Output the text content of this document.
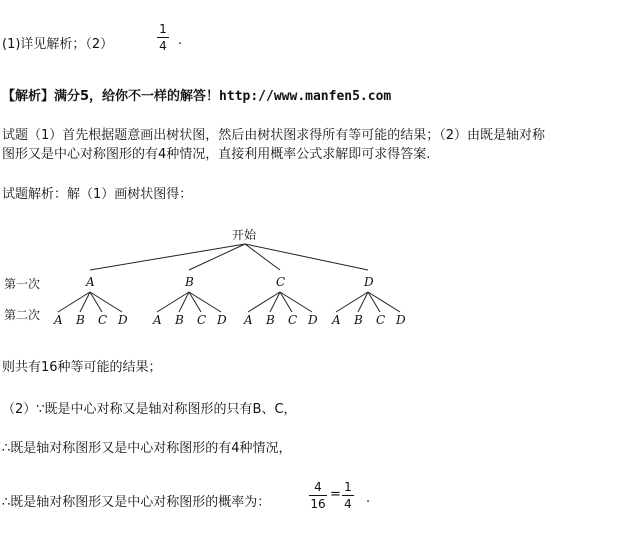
(1)详见解析；（2）
1
4 .
【解析】满分5，给你不一样的解答！http://www.manfen5.com
试题（1）首先根据题意画出树状图，然后由树状图求得所有等可能的结果；（2）由既是轴对称
图形又是中心对称图形的有4种情况，直接利用概率公式求解即可求得答案.
试题解析：解（1）画树状图得：
开始
第一次
第二次
A	B	C	D
A B C D A B C D A B C D A B C D
则共有16种等可能的结果；
（2）∵既是中心对称又是轴对称图形的只有B、C，
∴既是轴对称图形又是中心对称图形的有4种情况，
∴既是轴对称图形又是中心对称图形的概率为：
4
16
= 1
4 .
